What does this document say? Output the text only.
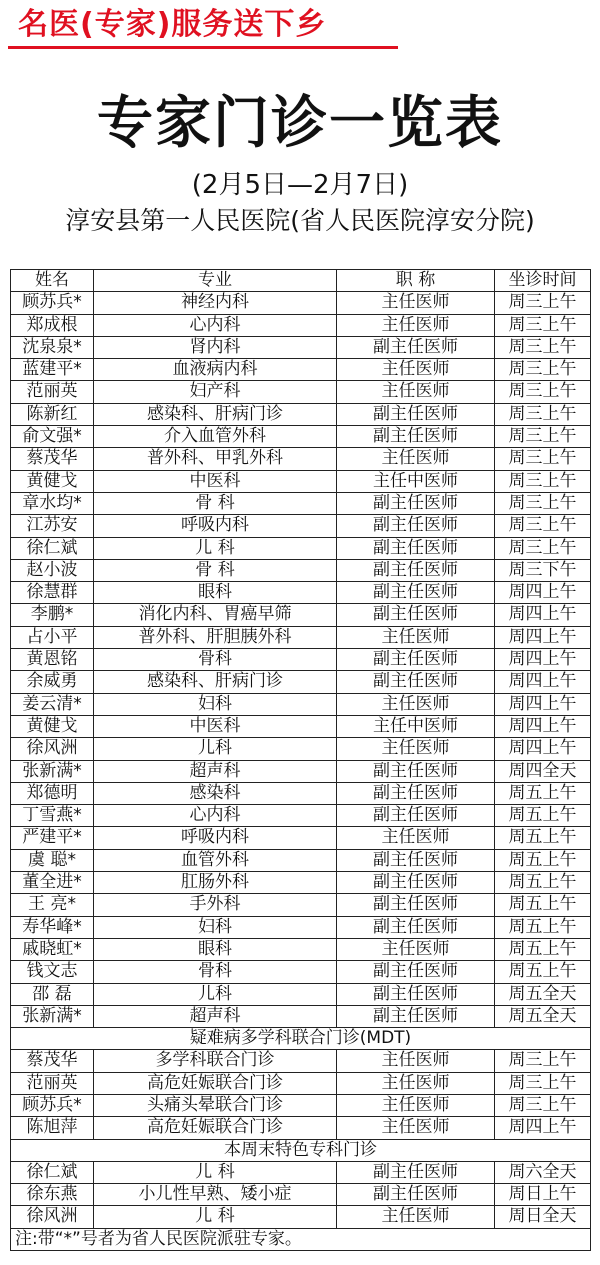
名医(专家)服务送下乡
专家门诊一览表
(2月5日—2月7日)
淳安县第一人民医院(省人民医院淳安分院)
姓名	专业	职 称	坐诊时间
顾苏兵*	神经内科	主任医师	周三上午
郑成根	心内科	主任医师	周三上午
沈泉泉*	肾内科	副主任医师	周三上午
蓝建平*	血液病内科	主任医师	周三上午
范丽英	妇产科	主任医师	周三上午
陈新红	感染科、肝病门诊	副主任医师	周三上午
俞文强*	介入血管外科	副主任医师	周三上午
蔡茂华	普外科、甲乳外科	主任医师	周三上午
黄健戈	中医科	主任中医师	周三上午
章水均*	骨 科	副主任医师	周三上午
江苏安	呼吸内科	副主任医师	周三上午
徐仁斌	儿 科	副主任医师	周三上午
赵小波	骨 科	副主任医师	周三下午
徐慧群	眼科	副主任医师	周四上午
李鹏*	消化内科、胃癌早筛	副主任医师	周四上午
占小平	普外科、肝胆胰外科	主任医师	周四上午
黄恩铭	骨科	副主任医师	周四上午
余威勇	感染科、肝病门诊	副主任医师	周四上午
姜云清*	妇科	主任医师	周四上午
黄健戈	中医科	主任中医师	周四上午
徐风洲	儿科	主任医师	周四上午
张新满*	超声科	副主任医师	周四全天
郑德明	感染科	副主任医师	周五上午
丁雪燕*	心内科	副主任医师	周五上午
严建平*	呼吸内科	主任医师	周五上午
虞 聪*	血管外科	副主任医师	周五上午
董全进*	肛肠外科	副主任医师	周五上午
王 亮*	手外科	副主任医师	周五上午
寿华峰*	妇科	副主任医师	周五上午
戚晓虹*	眼科	主任医师	周五上午
钱文志	骨科	副主任医师	周五上午
邵 磊	儿科	副主任医师	周五全天
张新满*	超声科	副主任医师	周五全天
疑难病多学科联合门诊(MDT)			
蔡茂华	多学科联合门诊	主任医师	周三上午
范丽英	高危妊娠联合门诊	主任医师	周三上午
顾苏兵*	头痛头晕联合门诊	主任医师	周三上午
陈旭萍	高危妊娠联合门诊	主任医师	周四上午
本周末特色专科门诊			
徐仁斌	儿 科	副主任医师	周六全天
徐东燕	小儿性早熟、矮小症	副主任医师	周日上午
徐风洲	儿 科	主任医师	周日全天
注:带“*”号者为省人民医院派驻专家。			
